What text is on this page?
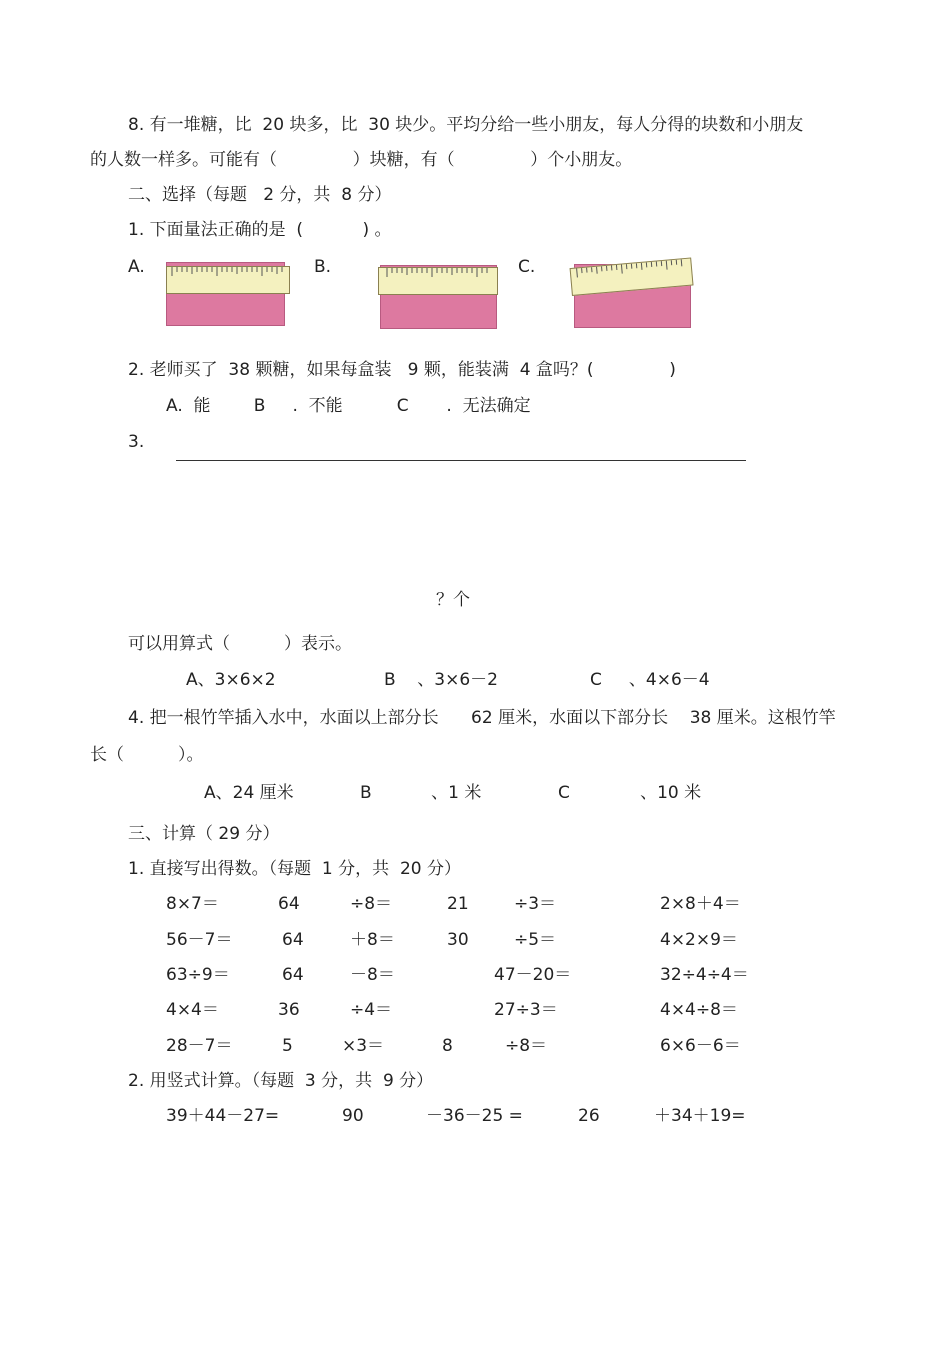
8. 有一堆糖，比  20 块多，比  30 块少。平均分给一些小朋友，每人分得的块数和小朋友
的人数一样多。可能有（              ）块糖，有（              ）个小朋友。
二、选择（每题   2 分，共  8 分）
1. 下面量法正确的是  (           ) 。
A.	B.	C.
2. 老师买了  38 颗糖，如果每盒装   9 颗，能装满  4 盒吗？(              )
A.  能        B     .  不能          C       .  无法确定
3.
？个
可以用算式（          ）表示。
A、3×6×2	B    、3×6－2	C     、4×6－4
4. 把一根竹竿插入水中，水面以上部分长      62 厘米，水面以下部分长    38 厘米。这根竹竿
长（          ）。
A、24 厘米	B           、1 米	C             、10 米
三、计算（ 29 分）
1. 直接写出得数。（每题  1 分，共  20 分）
8×7＝	64	÷8＝	21	÷3＝	2×8＋4＝
56－7＝	64	＋8＝	30	÷5＝	4×2×9＝
63÷9＝	64	－8＝	47－20＝	32÷4÷4＝
4×4＝	36	÷4＝	27÷3＝	4×4÷8＝
28－7＝	5	×3＝	8	÷8＝	6×6－6＝
2. 用竖式计算。（每题  3 分，共  9 分）
39＋44－27=	90	－36－25 =	26	＋34＋19=
